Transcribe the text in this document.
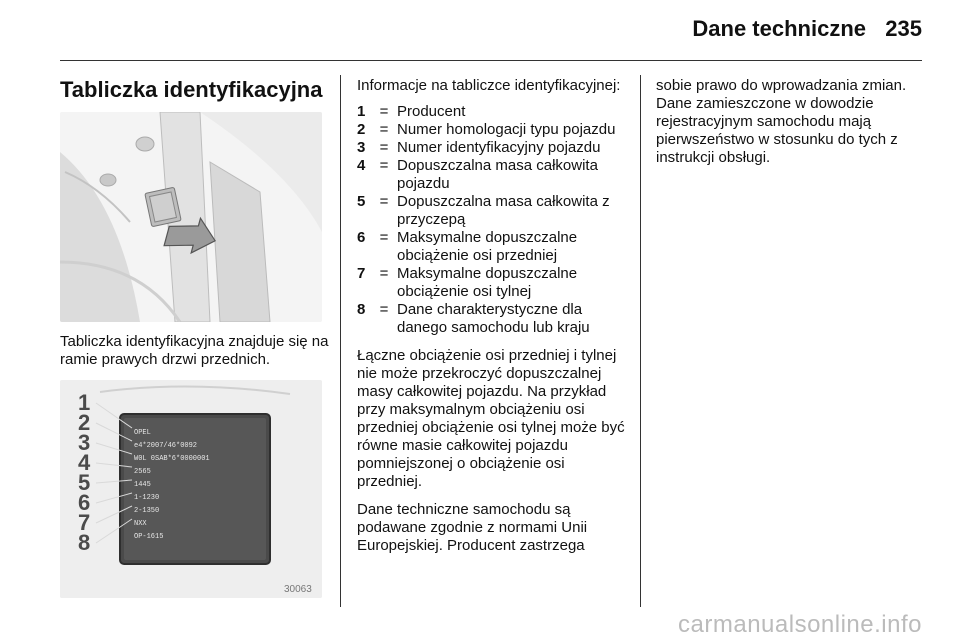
Dane techniczne 235
Tabliczka identyfikacyjna
Tabliczka identyfikacyjna znajduje się na ramie prawych drzwi przednich.
OPEL
e4*2007/46*0092
W0L 0SAB*6*0000001
2565
1445
1-1230
2-1350
NXX
OP-1615
1
2
3
4
5
6
7
8
30063

Informacje na tabliczce identyfikacyjnej:

1 = Producent
2 = Numer homologacji typu pojazdu
3 = Numer identyfikacyjny pojazdu
4 = Dopuszczalna masa całkowita pojazdu
5 = Dopuszczalna masa całkowita z przyczepą
6 = Maksymalne dopuszczalne obciążenie osi przedniej
7 = Maksymalne dopuszczalne obciążenie osi tylnej
8 = Dane charakterystyczne dla danego samochodu lub kraju

Łączne obciążenie osi przedniej i tylnej nie może przekroczyć dopuszczalnej masy całkowitej pojazdu. Na przykład przy maksymalnym obciążeniu osi przedniej obciążenie osi tylnej może być równe masie całkowitej pojazdu pomniejszonej o obciążenie osi przedniej.

Dane techniczne samochodu są podawane zgodnie z normami Unii Europejskiej. Producent zastrzega

sobie prawo do wprowadzania zmian. Dane zamieszczone w dowodzie rejestracyjnym samochodu mają pierwszeństwo w stosunku do tych z instrukcji obsługi.

carmanualsonline.info
